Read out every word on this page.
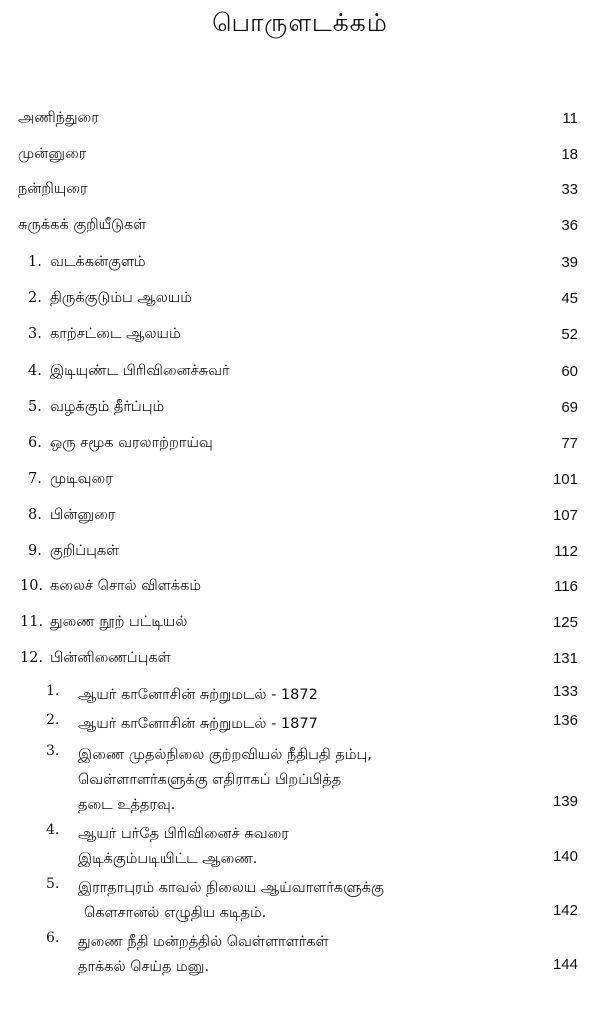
பொருளடக்கம்
அணிந்துரை	11
முன்னுரை	18
நன்றியுரை	33
சுருக்கக் குறியீடுகள்	36
1. வடக்கன்குளம்	39
2. திருக்குடும்ப ஆலயம்	45
3. காற்சட்டை ஆலயம்	52
4. இடியுண்ட பிரிவினைச்சுவர்	60
5. வழக்கும் தீர்ப்பும்	69
6. ஒரு சமூக வரலாற்றாய்வு	77
7. முடிவுரை	101
8. பின்னுரை	107
9. குறிப்புகள்	112
10. கலைச் சொல் விளக்கம்	116
11. துணை நூற் பட்டியல்	125
12. பின்னிணைப்புகள்	131
1. ஆயர் கானோசின் சுற்றுமடல் - 1872	133
2. ஆயர் கானோசின் சுற்றுமடல் - 1877	136
3. இணை முதல்நிலை குற்றவியல் நீதிபதி தம்பு,
வெள்ளாளர்களுக்கு எதிராகப் பிறப்பித்த
தடை உத்தரவு.	139
4. ஆயர் பர்தே பிரிவினைச் சுவரை
இடிக்கும்படியிட்ட ஆணை.	140
5. இராதாபுரம் காவல் நிலைய ஆய்வாளர்களுக்கு
கௌசானல் எழுதிய கடிதம்.	142
6. துணை நீதி மன்றத்தில் வெள்ளாளர்கள்
தாக்கல் செய்த மனு.	144
